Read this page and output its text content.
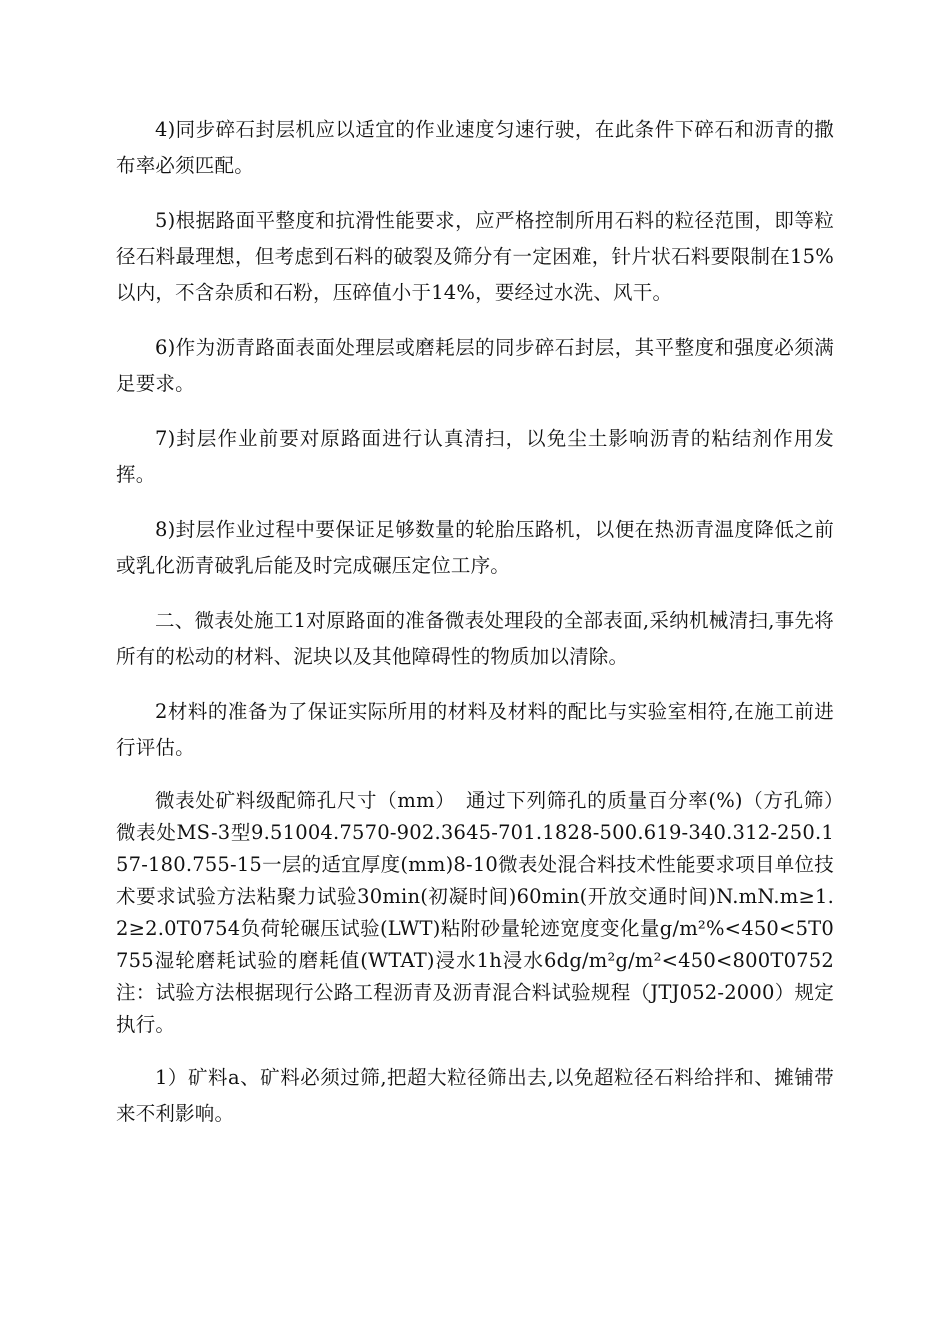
4)同步碎石封层机应以适宜的作业速度匀速行驶，在此条件下碎石和沥青的撒布率必须匹配。

5)根据路面平整度和抗滑性能要求，应严格控制所用石料的粒径范围，即等粒径石料最理想，但考虑到石料的破裂及筛分有一定困难，针片状石料要限制在15%以内，不含杂质和石粉，压碎值小于14%，要经过水洗、风干。

6)作为沥青路面表面处理层或磨耗层的同步碎石封层，其平整度和强度必须满足要求。

7)封层作业前要对原路面进行认真清扫，以免尘土影响沥青的粘结剂作用发挥。

8)封层作业过程中要保证足够数量的轮胎压路机，以便在热沥青温度降低之前或乳化沥青破乳后能及时完成碾压定位工序。

二、微表处施工1对原路面的准备微表处理段的全部表面,采纳机械清扫,事先将所有的松动的材料、泥块以及其他障碍性的物质加以清除。

2材料的准备为了保证实际所用的材料及材料的配比与实验室相符,在施工前进行评估。

微表处矿料级配筛孔尺寸（mm）　通过下列筛孔的质量百分率(%)（方孔筛）　微表处MS-3型9.51004.7570-902.3645-701.1828-500.619-340.312-250.157-180.755-15一层的适宜厚度(mm)8-10微表处混合料技术性能要求项目单位技术要求试验方法粘聚力试验30min(初凝时间)60min(开放交通时间)N.mN.m≥1.2≥2.0T0754负荷轮碾压试验(LWT)粘附砂量轮迹宽度变化量g/m²%<450<5T0755湿轮磨耗试验的磨耗值(WTAT)浸水1h浸水6dg/m²g/m²<450<800T0752注：试验方法根据现行公路工程沥青及沥青混合料试验规程（JTJ052-2000）规定执行。

1）矿料a、矿料必须过筛,把超大粒径筛出去,以免超粒径石料给拌和、摊铺带来不利影响。
